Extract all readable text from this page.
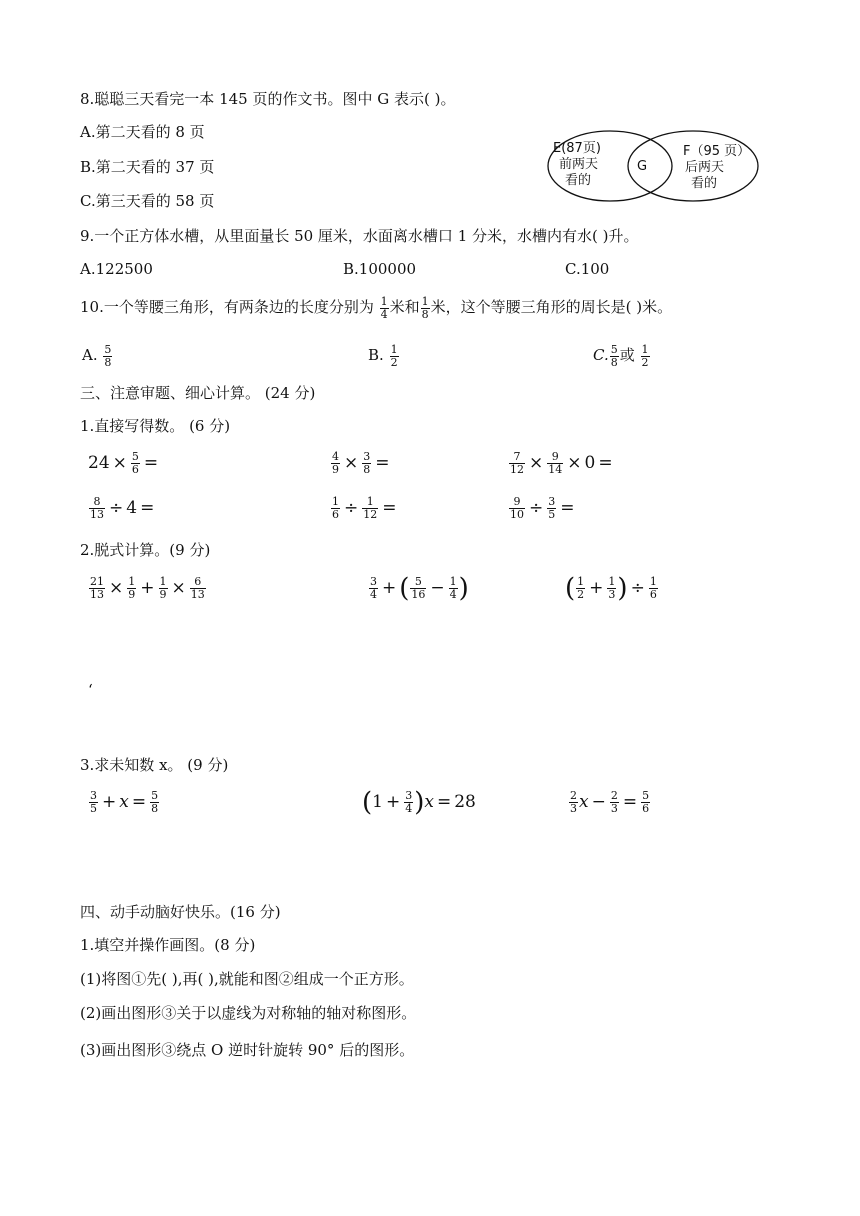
8.聪聪三天看完一本 145 页的作文书。图中 G 表示( )。
A.第二天看的 8 页
B.第二天看的 37 页
C.第三天看的 58 页
E(87页)
前两天
看的
G
F（95 页）
后两天
看的
9.一个正方体水槽，从里面量长 50 厘米，水面离水槽口 1 分米，水槽内有水( )升。
A.122500	B.100000	C.100
10.一个等腰三角形，有两条边的长度分别为 $\frac{1}{4}$ 米和 $\frac{1}{8}$ 米，这个等腰三角形的周长是( )米。
A. $\frac{5}{8}$	B. $\frac{1}{2}$	C. $\frac{5}{8}$ 或 $\frac{1}{2}$
三、注意审题、细心计算。 (24 分)
1.直接写得数。 (6 分)
$24 \times \frac{5}{6}$ =	$\frac{4}{9} \times \frac{3}{8}$ =	$\frac{7}{12} \times \frac{9}{14} \times 0$ =
$\frac{8}{13} \div 4$ =	$\frac{1}{6} \div \frac{1}{12}$ =	$\frac{9}{10} \div \frac{3}{5}$ =
2.脱式计算。(9 分)
$\frac{21}{13} \times \frac{1}{9} + \frac{1}{9} \times \frac{6}{13}$	$\frac{3}{4}$ + ( $\frac{5}{16} - \frac{1}{4}$ )	( $\frac{1}{2} + \frac{1}{3}$ ) ÷ $\frac{1}{6}$
‘
3.求未知数 x。 (9 分)
$\frac{3}{5} + x = \frac{5}{8}$	$(1 + \frac{3}{4} )x = 28$	$\frac{2}{3}$ $x - \frac{2}{3} = \frac{5}{6}$
四、动手动脑好快乐。(16 分)
1.填空并操作画图。(8 分)
(1)将图①先( ),再( ),就能和图②组成一个正方形。
(2)画出图形③关于以虚线为对称轴的轴对称图形。
(3)画出图形③绕点 O 逆时针旋转 90° 后的图形。
